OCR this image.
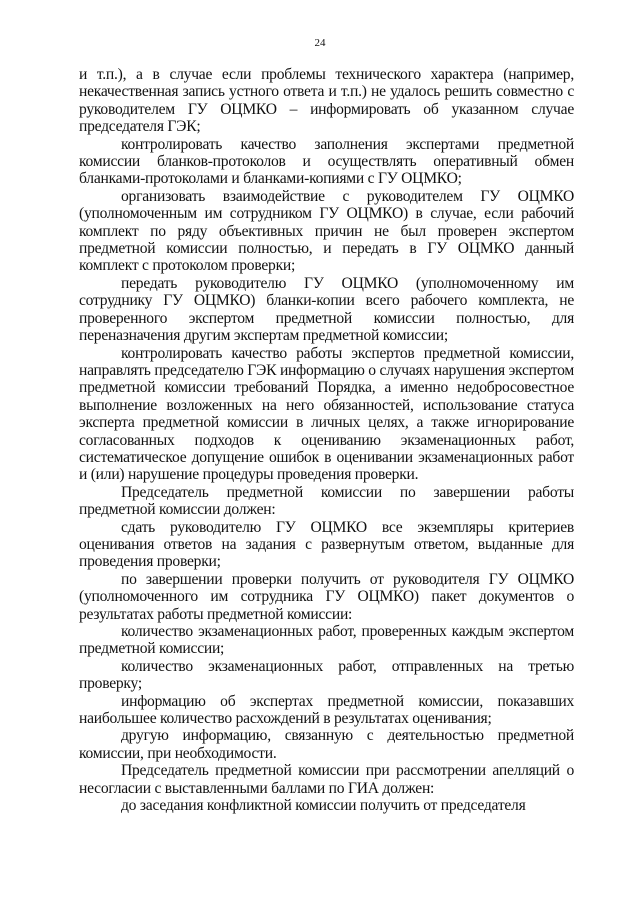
24

и т.п.), а в случае если проблемы технического характера (например, некачественная запись устного ответа и т.п.) не удалось решить совместно с руководителем ГУ ОЦМКО – информировать об указанном случае председателя ГЭК;

контролировать качество заполнения экспертами предметной комиссии бланков-протоколов и осуществлять оперативный обмен бланками-протоколами и бланками-копиями с ГУ ОЦМКО;

организовать взаимодействие с руководителем ГУ ОЦМКО (уполномоченным им сотрудником ГУ ОЦМКО) в случае, если рабочий комплект по ряду объективных причин не был проверен экспертом предметной комиссии полностью, и передать в ГУ ОЦМКО данный комплект с протоколом проверки;

передать руководителю ГУ ОЦМКО (уполномоченному им сотруднику ГУ ОЦМКО) бланки-копии всего рабочего комплекта, не проверенного экспертом предметной комиссии полностью, для переназначения другим экспертам предметной комиссии;

контролировать качество работы экспертов предметной комиссии, направлять председателю ГЭК информацию о случаях нарушения экспертом предметной комиссии требований Порядка, а именно недобросовестное выполнение возложенных на него обязанностей, использование статуса эксперта предметной комиссии в личных целях, а также игнорирование согласованных подходов к оцениванию экзаменационных работ, систематическое допущение ошибок в оценивании экзаменационных работ и (или) нарушение процедуры проведения проверки.

Председатель предметной комиссии по завершении работы предметной комиссии должен:

сдать руководителю ГУ ОЦМКО все экземпляры критериев оценивания ответов на задания с развернутым ответом, выданные для проведения проверки;

по завершении проверки получить от руководителя ГУ ОЦМКО (уполномоченного им сотрудника ГУ ОЦМКО) пакет документов о результатах работы предметной комиссии:

количество экзаменационных работ, проверенных каждым экспертом предметной комиссии;

количество экзаменационных работ, отправленных на третью проверку;

информацию об экспертах предметной комиссии, показавших наибольшее количество расхождений в результатах оценивания;

другую информацию, связанную с деятельностью предметной комиссии, при необходимости.

Председатель предметной комиссии при рассмотрении апелляций о несогласии с выставленными баллами по ГИА должен:

до заседания конфликтной комиссии получить от председателя
